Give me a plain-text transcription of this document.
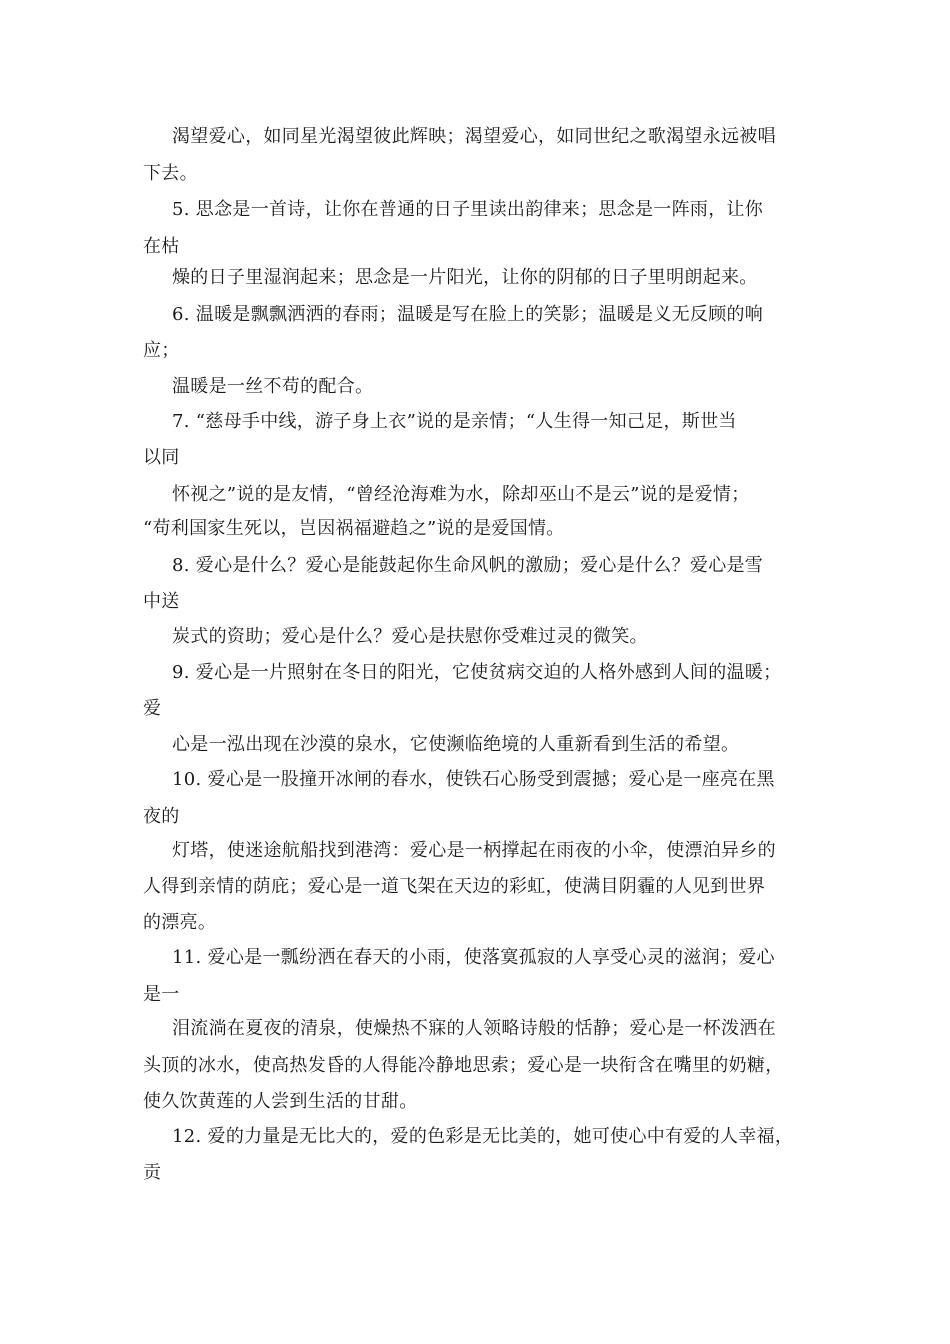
渴望爱心，如同星光渴望彼此辉映；渴望爱心，如同世纪之歌渴望永远被唱
下去。
5. 思念是一首诗，让你在普通的日子里读出韵律来；思念是一阵雨，让你
在枯
燥的日子里湿润起来；思念是一片阳光，让你的阴郁的日子里明朗起来。
6. 温暖是飘飘洒洒的春雨；温暖是写在脸上的笑影；温暖是义无反顾的响
应；
温暖是一丝不苟的配合。
7. “慈母手中线，游子身上衣”说的是亲情；“人生得一知己足，斯世当
以同
怀视之”说的是友情，“曾经沧海难为水，除却巫山不是云”说的是爱情；
“苟利国家生死以，岂因祸福避趋之”说的是爱国情。
8. 爱心是什么？爱心是能鼓起你生命风帆的激励；爱心是什么？爱心是雪
中送
炭式的资助；爱心是什么？爱心是扶慰你受难过灵的微笑。
9. 爱心是一片照射在冬日的阳光，它使贫病交迫的人格外感到人间的温暖；
爱
心是一泓出现在沙漠的泉水，它使濒临绝境的人重新看到生活的希望。
10. 爱心是一股撞开冰闸的春水，使铁石心肠受到震撼；爱心是一座亮在黑
夜的
灯塔，使迷途航船找到港湾：爱心是一柄撑起在雨夜的小伞，使漂泊异乡的
人得到亲情的荫庇；爱心是一道飞架在天边的彩虹，使满目阴霾的人见到世界
的漂亮。
11. 爱心是一瓢纷洒在春天的小雨，使落寞孤寂的人享受心灵的滋润；爱心
是一
泪流淌在夏夜的清泉，使燥热不寐的人领略诗般的恬静；爱心是一杯泼洒在
头顶的冰水，使高热发昏的人得能冷静地思索；爱心是一块衔含在嘴里的奶糖，
使久饮黄莲的人尝到生活的甘甜。
12. 爱的力量是无比大的，爱的色彩是无比美的，她可使心中有爱的人幸福，
贡
